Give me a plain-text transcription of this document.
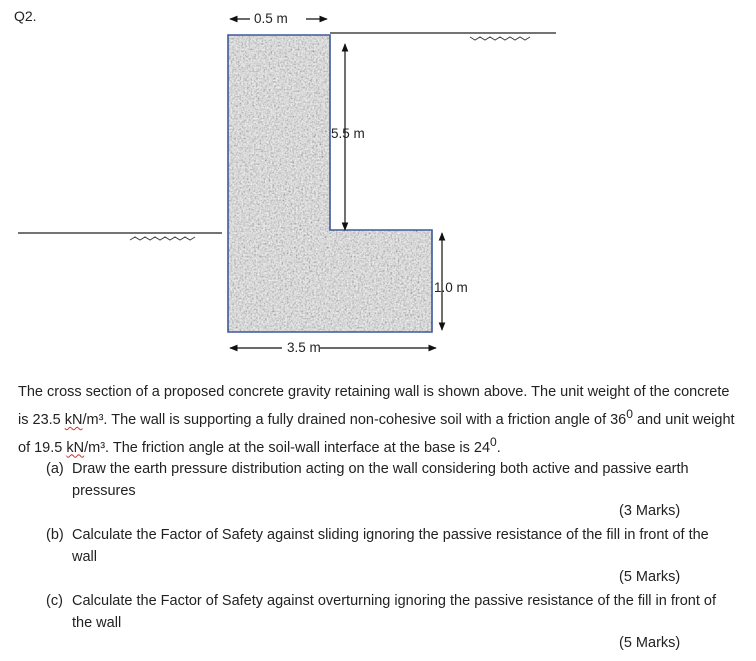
Q2.	0.5 m
5.5 m
1.0 m
3.5 m

The cross section of a proposed concrete gravity retaining wall is shown above. The unit weight of the concrete is 23.5 kN/m³. The wall is supporting a fully drained non-cohesive soil with a friction angle of $36^0$ and unit weight of 19.5 kN/m³. The friction angle at the soil-wall interface at the base is $24^0$.

(a) Draw the earth pressure distribution acting on the wall considering both active and passive earth pressures
(3 Marks)
(b) Calculate the Factor of Safety against sliding ignoring the passive resistance of the fill in front of the wall
(5 Marks)
(c) Calculate the Factor of Safety against overturning ignoring the passive resistance of the fill in front of the wall
(5 Marks)
